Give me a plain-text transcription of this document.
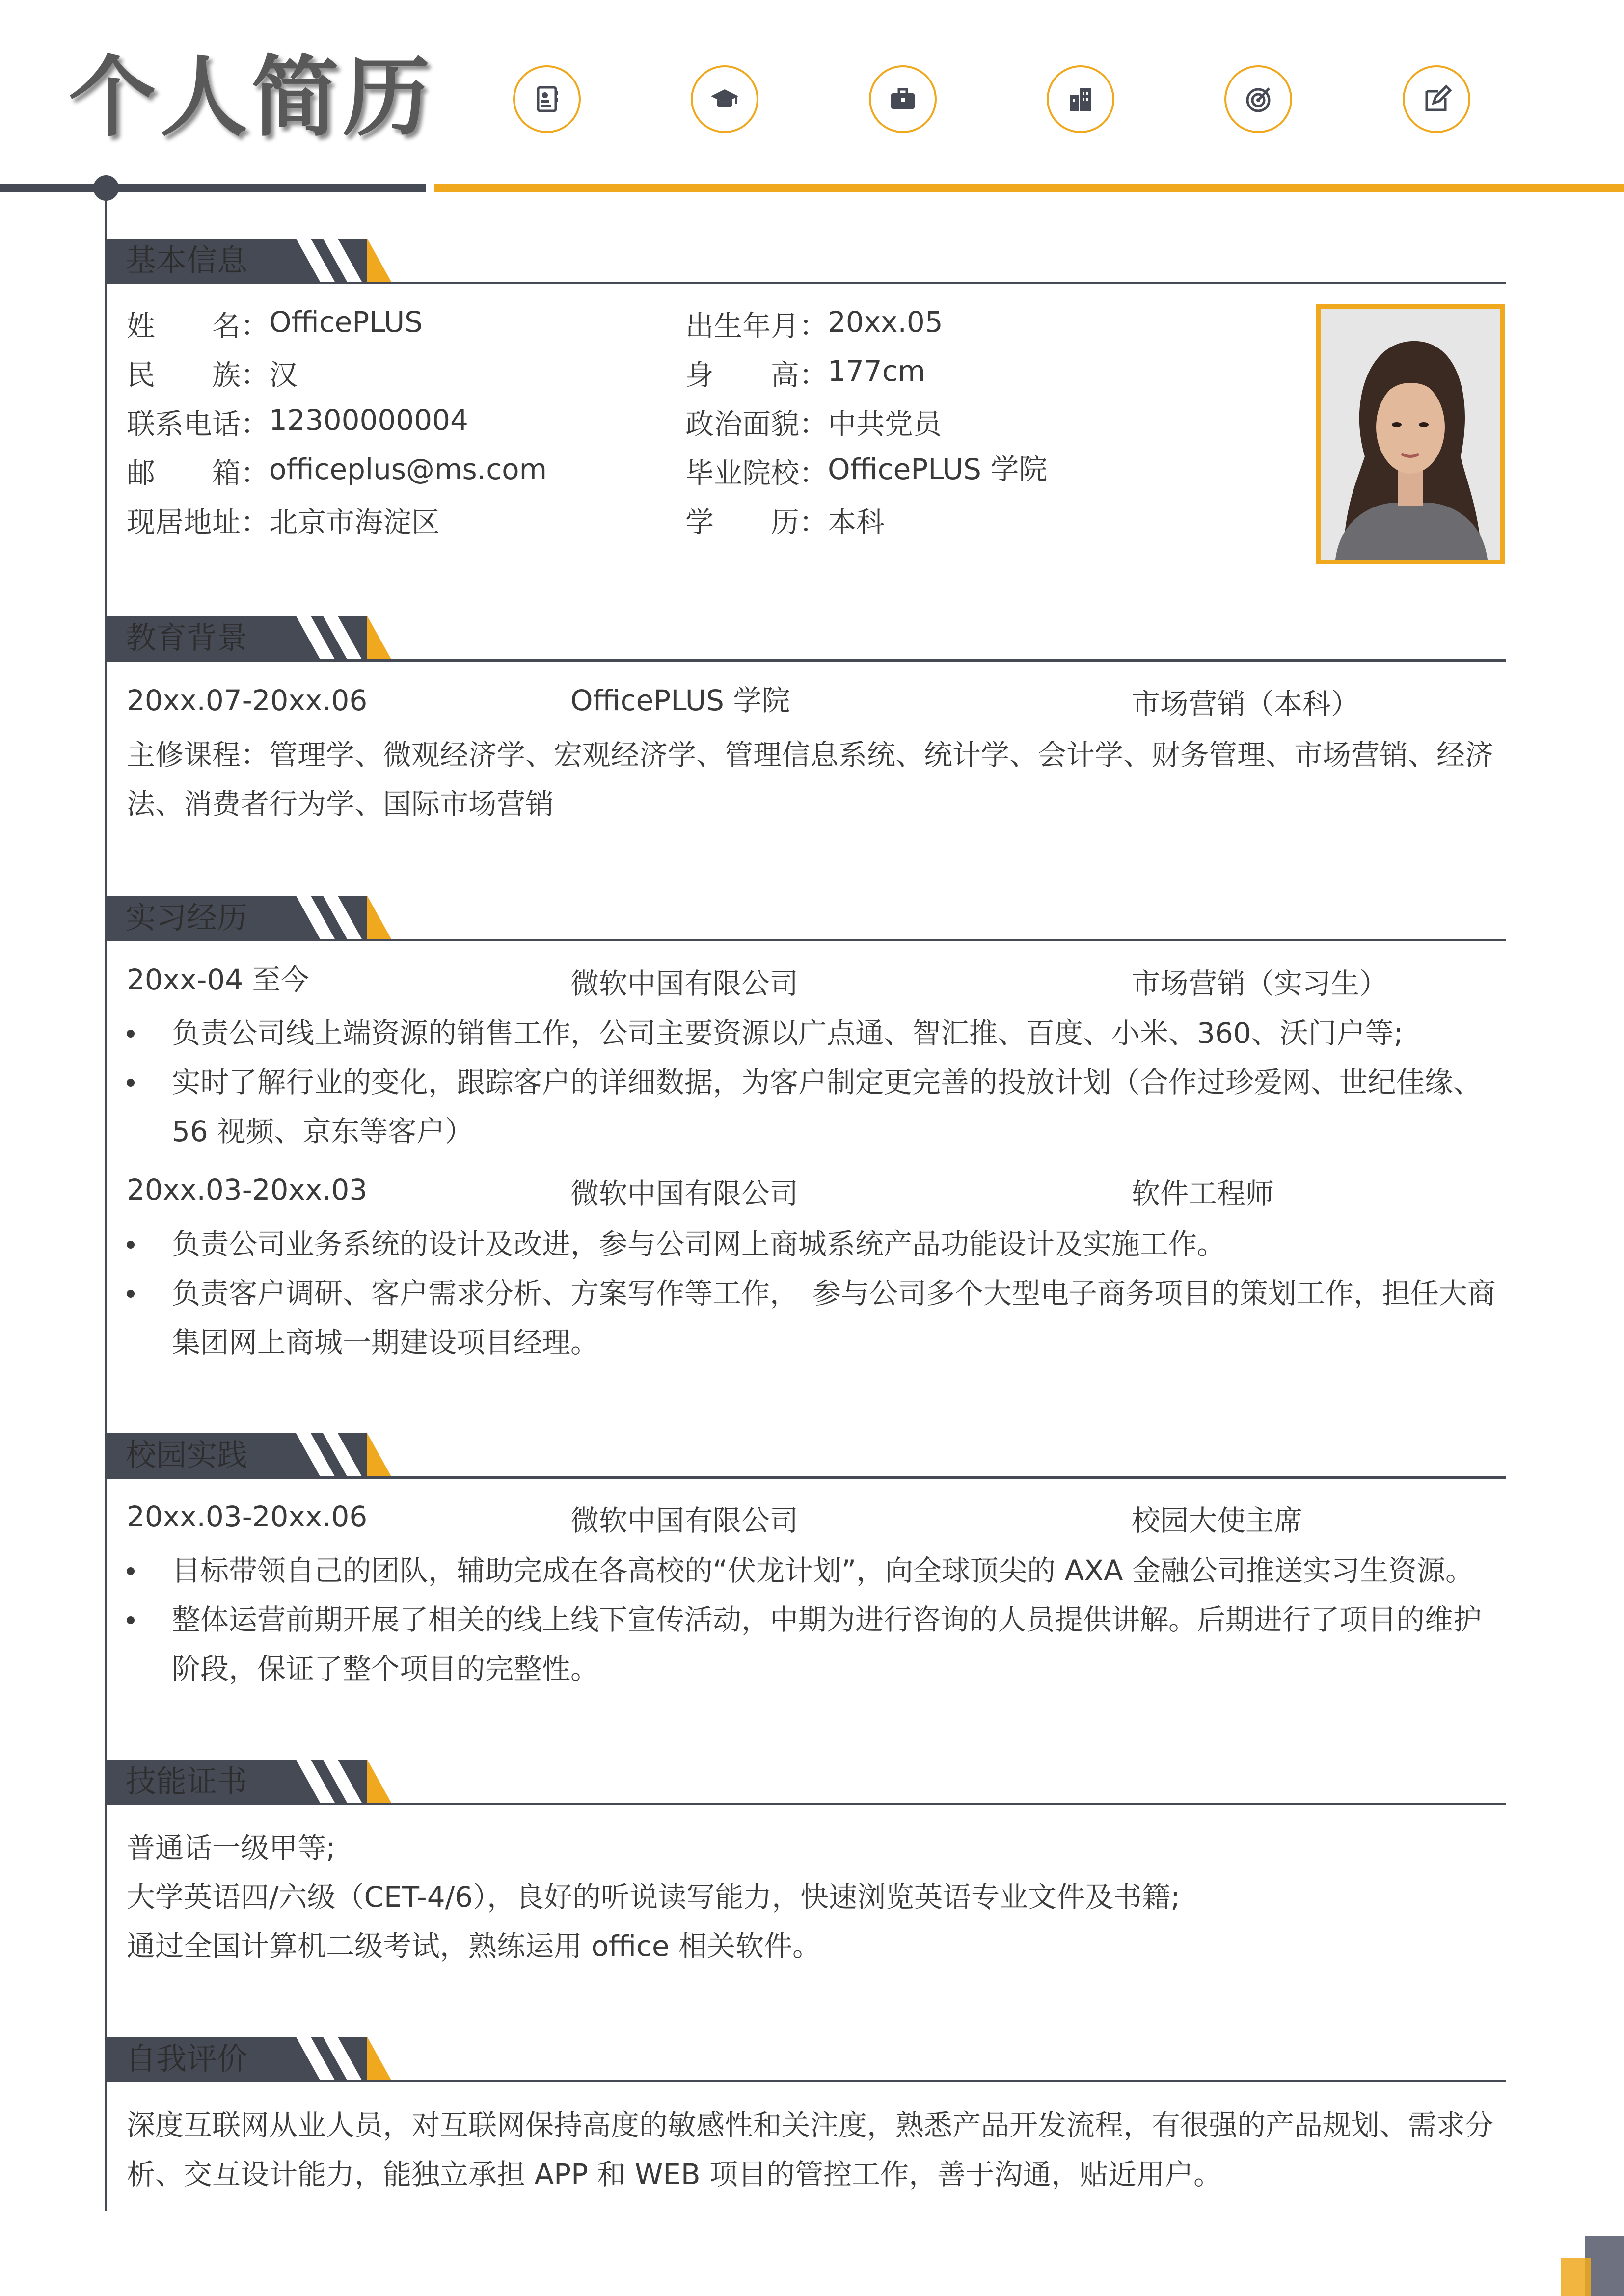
个人简历
基本信息
姓　　名： OfficePLUS	出生年月： 20xx.05
民　　族： 汉	身　　高： 177cm
联系电话： 12300000004	政治面貌： 中共党员
邮　　箱： officeplus@ms.com	毕业院校： OfficePLUS 学院
现居地址： 北京市海淀区	学　　历： 本科
教育背景
20xx.07-20xx.06	OfficePLUS 学院	市场营销（本科）
主修课程：管理学、微观经济学、宏观经济学、管理信息系统、统计学、会计学、财务管理、市场营销、经济法、消费者行为学、国际市场营销
实习经历
20xx-04 至今	微软中国有限公司	市场营销（实习生）
负责公司线上端资源的销售工作，公司主要资源以广点通、智汇推、百度、小米、360、沃门户等;
实时了解行业的变化，跟踪客户的详细数据，为客户制定更完善的投放计划（合作过珍爱网、世纪佳缘、56 视频、京东等客户）
20xx.03-20xx.03	微软中国有限公司	软件工程师
负责公司业务系统的设计及改进，参与公司网上商城系统产品功能设计及实施工作。
负责客户调研、客户需求分析、方案写作等工作，　参与公司多个大型电子商务项目的策划工作，担任大商集团网上商城一期建设项目经理。
校园实践
20xx.03-20xx.06	微软中国有限公司	校园大使主席
目标带领自己的团队，辅助完成在各高校的“伏龙计划”，向全球顶尖的 AXA 金融公司推送实习生资源。
整体运营前期开展了相关的线上线下宣传活动，中期为进行咨询的人员提供讲解。后期进行了项目的维护阶段，保证了整个项目的完整性。
技能证书
普通话一级甲等;
大学英语四/六级（CET-4/6），良好的听说读写能力，快速浏览英语专业文件及书籍;
通过全国计算机二级考试，熟练运用 office 相关软件。
自我评价
深度互联网从业人员，对互联网保持高度的敏感性和关注度，熟悉产品开发流程，有很强的产品规划、需求分析、交互设计能力，能独立承担 APP 和 WEB 项目的管控工作，善于沟通，贴近用户。
